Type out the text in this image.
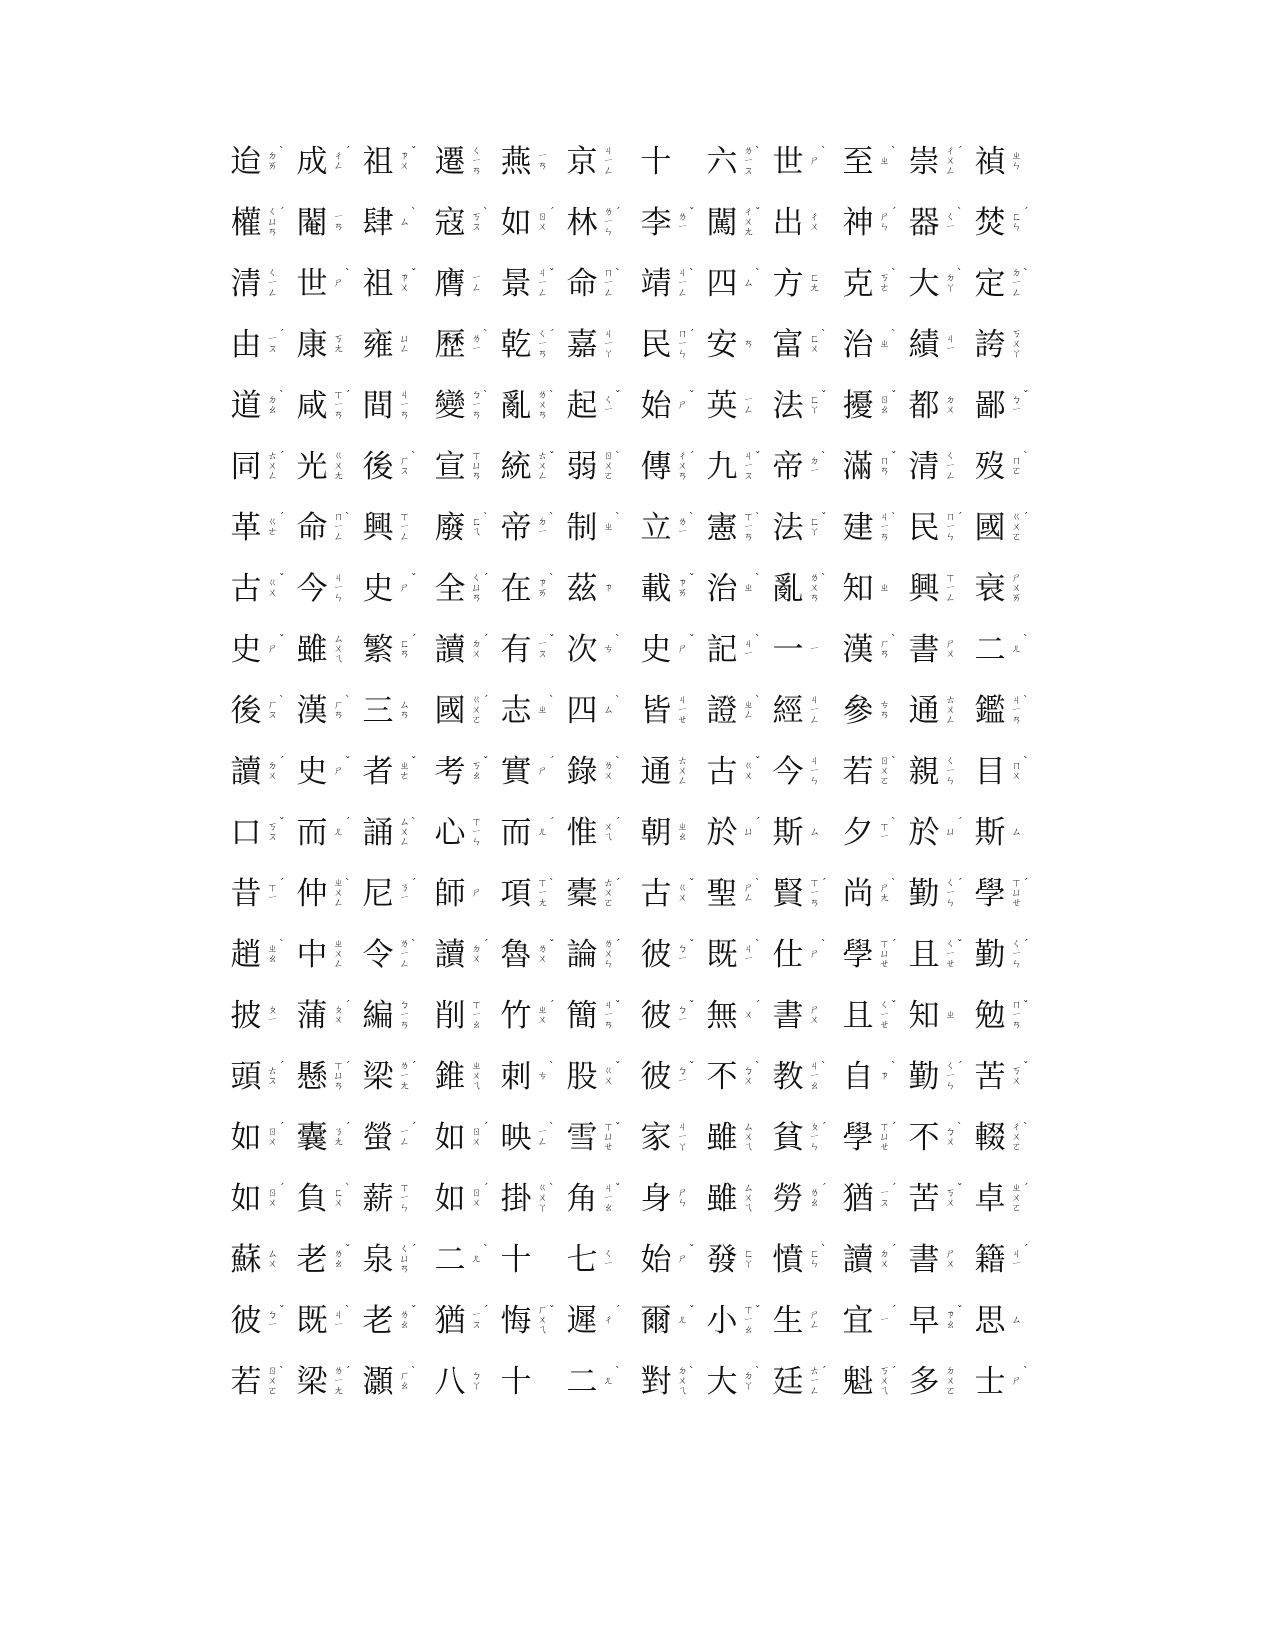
迨 ㄉ
ㄞ
ˋ 成 ㄔ
ㄥ
ˊ 祖 ㄗ
ㄨ
ˇ 遷 ㄑ
ㄧ
ㄢ 燕 ㄧ
ㄢ 京 ㄐ
ㄧ
ㄥ 十 六 ㄌ
ㄧ
ㄡ
ˋ 世 ㄕ
ˋ 至 ㄓ
ˋ 崇 ㄔ
ㄨ
ㄥ
ˊ 禎 ㄓ
ㄣ
權 ㄑ
ㄩ
ㄢ
ˊ 閹 ㄧ
ㄢ 肆 ㄙ
ˋ 寇 ㄎ
ㄡ
ˋ 如 ㄖ
ㄨ
ˊ 林 ㄌ
ㄧ
ㄣ
ˊ 李 ㄌ
ㄧ
ˇ 闖 ㄔ
ㄨ
ㄤ
ˇ 出 ㄔ
ㄨ 神 ㄕ
ㄣ
ˊ 器 ㄑ
ㄧ
ˋ 焚 ㄈ
ㄣ
ˊ
清 ㄑ
ㄧ
ㄥ 世 ㄕ
ˋ 祖 ㄗ
ㄨ
ˇ 膺 ㄧ
ㄥ 景 ㄐ
ㄧ
ㄥ
ˇ 命 ㄇ
ㄧ
ㄥ
ˋ 靖 ㄐ
ㄧ
ㄥ
ˋ 四 ㄙ
ˋ 方 ㄈ
ㄤ 克 ㄎ
ㄜ
ˋ 大 ㄉ
ㄚ
ˋ 定 ㄉ
ㄧ
ㄥ
ˋ
由 ㄧ
ㄡ
ˊ 康 ㄎ
ㄤ 雍 ㄩ
ㄥ 歷 ㄌ
ㄧ
ˋ 乾 ㄑ
ㄧ
ㄢ
ˊ 嘉 ㄐ
ㄧ
ㄚ 民 ㄇ
ㄧ
ㄣ
ˊ 安 ㄢ 富 ㄈ
ㄨ
ˋ 治 ㄓ
ˋ 績 ㄐ
ㄧ 誇 ㄎ
ㄨ
ㄚ
道 ㄉ
ㄠ
ˋ 咸 ㄒ
ㄧ
ㄢ
ˊ 間 ㄐ
ㄧ
ㄢ 變 ㄅ
ㄧ
ㄢ
ˋ 亂 ㄌ
ㄨ
ㄢ
ˋ 起 ㄑ
ㄧ
ˇ 始 ㄕ
ˇ 英 ㄧ
ㄥ 法 ㄈ
ㄚ
ˇ 擾 ㄖ
ㄠ
ˇ 都 ㄉ
ㄨ 鄙 ㄅ
ㄧ
ˇ
同 ㄊ
ㄨ
ㄥ
ˊ 光 ㄍ
ㄨ
ㄤ 後 ㄏ
ㄡ
ˋ 宣 ㄒ
ㄩ
ㄢ 統 ㄊ
ㄨ
ㄥ
ˇ 弱 ㄖ
ㄨ
ㄛ
ˋ 傳 ㄔ
ㄨ
ㄢ
ˊ 九 ㄐ
ㄧ
ㄡ
ˇ 帝 ㄉ
ㄧ
ˋ 滿 ㄇ
ㄢ
ˇ 清 ㄑ
ㄧ
ㄥ 歿 ㄇ
ㄛ
ˋ
革 ㄍ
ㄜ
ˊ 命 ㄇ
ㄧ
ㄥ
ˋ 興 ㄒ
ㄧ
ㄥ 廢 ㄈ
ㄟ
ˋ 帝 ㄉ
ㄧ
ˋ 制 ㄓ
ˋ 立 ㄌ
ㄧ
ˋ 憲 ㄒ
ㄧ
ㄢ
ˋ 法 ㄈ
ㄚ
ˇ 建 ㄐ
ㄧ
ㄢ
ˋ 民 ㄇ
ㄧ
ㄣ
ˊ 國 ㄍ
ㄨ
ㄛ
ˊ
古 ㄍ
ㄨ
ˇ 今 ㄐ
ㄧ
ㄣ 史 ㄕ
ˇ 全 ㄑ
ㄩ
ㄢ
ˊ 在 ㄗ
ㄞ
ˋ 茲 ㄗ 載 ㄗ
ㄞ
ˇ 治 ㄓ
ˋ 亂 ㄌ
ㄨ
ㄢ
ˋ 知 ㄓ 興 ㄒ
ㄧ
ㄥ 衰 ㄕ
ㄨ
ㄞ
史 ㄕ
ˇ 雖 ㄙ
ㄨ
ㄟ 繁 ㄈ
ㄢ
ˊ 讀 ㄉ
ㄨ
ˊ 有 ㄧ
ㄡ
ˇ 次 ㄘ
ˋ 史 ㄕ
ˇ 記 ㄐ
ㄧ
ˋ 一 ㄧ 漢 ㄏ
ㄢ
ˋ 書 ㄕ
ㄨ 二 ㄦ
ˋ
後 ㄏ
ㄡ
ˋ 漢 ㄏ
ㄢ
ˋ 三 ㄙ
ㄢ 國 ㄍ
ㄨ
ㄛ
ˊ 志 ㄓ
ˋ 四 ㄙ
ˋ 皆 ㄐ
ㄧ
ㄝ 證 ㄓ
ㄥ
ˋ 經 ㄐ
ㄧ
ㄥ 參 ㄘ
ㄢ 通 ㄊ
ㄨ
ㄥ 鑑 ㄐ
ㄧ
ㄢ
ˋ
讀 ㄉ
ㄨ
ˊ 史 ㄕ
ˇ 者 ㄓ
ㄜ
ˇ 考 ㄎ
ㄠ
ˇ 實 ㄕ
ˊ 錄 ㄌ
ㄨ
ˋ 通 ㄊ
ㄨ
ㄥ 古 ㄍ
ㄨ
ˇ 今 ㄐ
ㄧ
ㄣ 若 ㄖ
ㄨ
ㄛ
ˋ 親 ㄑ
ㄧ
ㄣ 目 ㄇ
ㄨ
ˋ
口 ㄎ
ㄡ
ˇ 而 ㄦ
ˊ 誦 ㄙ
ㄨ
ㄥ
ˋ 心 ㄒ
ㄧ
ㄣ 而 ㄦ
ˊ 惟 ㄨ
ㄟ
ˊ 朝 ㄓ
ㄠ 於 ㄩ
ˊ 斯 ㄙ 夕 ㄒ
ㄧ
ˋ 於 ㄩ
ˊ 斯 ㄙ
昔 ㄒ
ㄧ
ˊ 仲 ㄓ
ㄨ
ㄥ
ˋ 尼 ㄋ
ㄧ
ˊ 師 ㄕ 項 ㄒ
ㄧ
ㄤ
ˋ 橐 ㄊ
ㄨ
ㄛ
ˊ 古 ㄍ
ㄨ
ˇ 聖 ㄕ
ㄥ
ˋ 賢 ㄒ
ㄧ
ㄢ
ˊ 尚 ㄕ
ㄤ
ˋ 勤 ㄑ
ㄧ
ㄣ
ˊ 學 ㄒ
ㄩ
ㄝ
ˊ
趙 ㄓ
ㄠ
ˋ 中 ㄓ
ㄨ
ㄥ 令 ㄌ
ㄧ
ㄥ
ˋ 讀 ㄉ
ㄨ
ˊ 魯 ㄌ
ㄨ
ˇ 論 ㄌ
ㄨ
ㄣ
ˊ 彼 ㄅ
ㄧ
ˇ 既 ㄐ
ㄧ
ˋ 仕 ㄕ
ˋ 學 ㄒ
ㄩ
ㄝ
ˊ 且 ㄑ
ㄧ
ㄝ
ˇ 勤 ㄑ
ㄧ
ㄣ
ˊ
披 ㄆ
ㄧ 蒲 ㄆ
ㄨ
ˊ 編 ㄅ
ㄧ
ㄢ 削 ㄒ
ㄧ
ㄠ 竹 ㄓ
ㄨ
ˊ 簡 ㄐ
ㄧ
ㄢ
ˇ 彼 ㄅ
ㄧ
ˇ 無 ㄨ
ˊ 書 ㄕ
ㄨ 且 ㄑ
ㄧ
ㄝ
ˇ 知 ㄓ 勉 ㄇ
ㄧ
ㄢ
ˇ
頭 ㄊ
ㄡ
ˊ 懸 ㄒ
ㄩ
ㄢ
ˊ 梁 ㄌ
ㄧ
ㄤ
ˊ 錐 ㄓ
ㄨ
ㄟ 刺 ㄘ
ˋ 股 ㄍ
ㄨ
ˇ 彼 ㄅ
ㄧ
ˇ 不 ㄅ
ㄨ
ˋ 教 ㄐ
ㄧ
ㄠ
ˋ 自 ㄗ
ˋ 勤 ㄑ
ㄧ
ㄣ
ˊ 苦 ㄎ
ㄨ
ˇ
如 ㄖ
ㄨ
ˊ 囊 ㄋ
ㄤ
ˊ 螢 ㄧ
ㄥ
ˊ 如 ㄖ
ㄨ
ˊ 映 ㄧ
ㄥ
ˋ 雪 ㄒ
ㄩ
ㄝ
ˇ 家 ㄐ
ㄧ
ㄚ 雖 ㄙ
ㄨ
ㄟ 貧 ㄆ
ㄧ
ㄣ
ˊ 學 ㄒ
ㄩ
ㄝ
ˊ 不 ㄅ
ㄨ
ˋ 輟 ㄔ
ㄨ
ㄛ
ˋ
如 ㄖ
ㄨ
ˊ 負 ㄈ
ㄨ
ˋ 薪 ㄒ
ㄧ
ㄣ 如 ㄖ
ㄨ
ˊ 掛 ㄍ
ㄨ
ㄚ
ˋ 角 ㄐ
ㄧ
ㄠ
ˇ 身 ㄕ
ㄣ 雖 ㄙ
ㄨ
ㄟ 勞 ㄌ
ㄠ
ˊ 猶 ㄧ
ㄡ
ˊ 苦 ㄎ
ㄨ
ˇ 卓 ㄓ
ㄨ
ㄛ
ˊ
蘇 ㄙ
ㄨ 老 ㄌ
ㄠ
ˇ 泉 ㄑ
ㄩ
ㄢ
ˊ 二 ㄦ
ˋ 十 七 ㄑ
ㄧ 始 ㄕ
ˇ 發 ㄈ
ㄚ 憤 ㄈ
ㄣ
ˋ 讀 ㄉ
ㄨ
ˊ 書 ㄕ
ㄨ 籍 ㄐ
ㄧ
ˊ
彼 ㄅ
ㄧ
ˇ 既 ㄐ
ㄧ
ˋ 老 ㄌ
ㄠ
ˇ 猶 ㄧ
ㄡ
ˊ 悔 ㄏ
ㄨ
ㄟ
ˇ 遲 ㄔ
ˊ 爾 ㄦ
ˇ 小 ㄒ
ㄧ
ㄠ
ˇ 生 ㄕ
ㄥ 宜 ㄧ
ˊ 早 ㄗ
ㄠ
ˇ 思 ㄙ
若 ㄖ
ㄨ
ㄛ
ˋ 梁 ㄌ
ㄧ
ㄤ
ˊ 灝 ㄏ
ㄠ
ˋ 八 ㄅ
ㄚ 十 二 ㄦ
ˋ 對 ㄉ
ㄨ
ㄟ
ˋ 大 ㄉ
ㄚ
ˋ 廷 ㄊ
ㄧ
ㄥ
ˊ 魁 ㄎ
ㄨ
ㄟ
ˊ 多 ㄉ
ㄨ
ㄛ 士 ㄕ
ˋ
